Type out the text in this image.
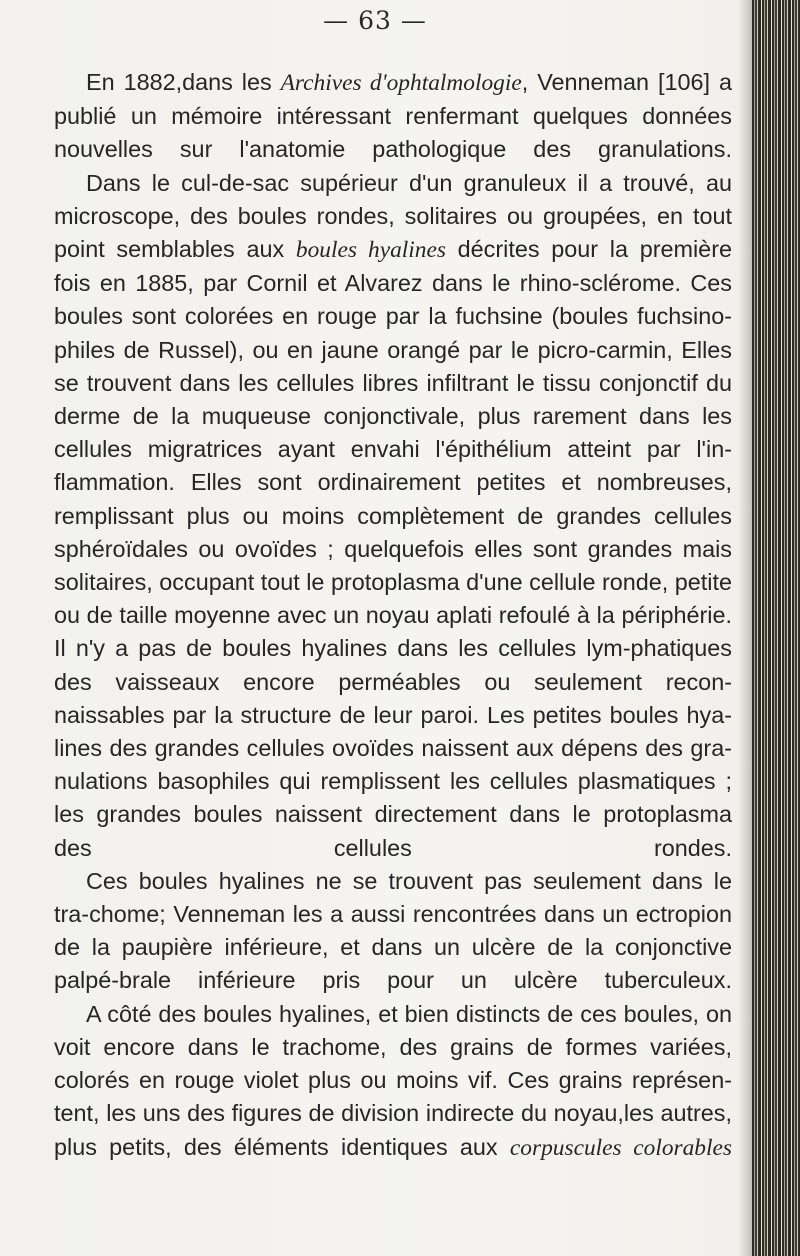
— 63 —

En 1882,dans les Archives d'ophtalmologie, Venneman [106] a publié un mémoire intéressant renfermant quelques données nouvelles sur l'anatomie pathologique des granulations.

Dans le cul-de-sac supérieur d'un granuleux il a trouvé, au microscope, des boules rondes, solitaires ou groupées, en tout point semblables aux boules hyalines décrites pour la première fois en 1885, par Cornil et Alvarez dans le rhino-sclérome. Ces boules sont colorées en rouge par la fuchsine (boules fuchsino-philes de Russel), ou en jaune orangé par le picro-carmin, Elles se trouvent dans les cellules libres infiltrant le tissu conjonctif du derme de la muqueuse conjonctivale, plus rarement dans les cellules migratrices ayant envahi l'épithélium atteint par l'in-flammation. Elles sont ordinairement petites et nombreuses, remplissant plus ou moins complètement de grandes cellules sphéroïdales ou ovoïdes ; quelquefois elles sont grandes mais solitaires, occupant tout le protoplasma d'une cellule ronde, petite ou de taille moyenne avec un noyau aplati refoulé à la périphérie. Il n'y a pas de boules hyalines dans les cellules lym-phatiques des vaisseaux encore perméables ou seulement recon-naissables par la structure de leur paroi. Les petites boules hya-lines des grandes cellules ovoïdes naissent aux dépens des gra-nulations basophiles qui remplissent les cellules plasmatiques ; les grandes boules naissent directement dans le protoplasma des cellules rondes.

Ces boules hyalines ne se trouvent pas seulement dans le tra-chome; Venneman les a aussi rencontrées dans un ectropion de la paupière inférieure, et dans un ulcère de la conjonctive palpé-brale inférieure pris pour un ulcère tuberculeux.

A côté des boules hyalines, et bien distincts de ces boules, on voit encore dans le trachome, des grains de formes variées, colorés en rouge violet plus ou moins vif. Ces grains représen-tent, les uns des figures de division indirecte du noyau,les autres, plus petits, des éléments identiques aux corpuscules colorables
